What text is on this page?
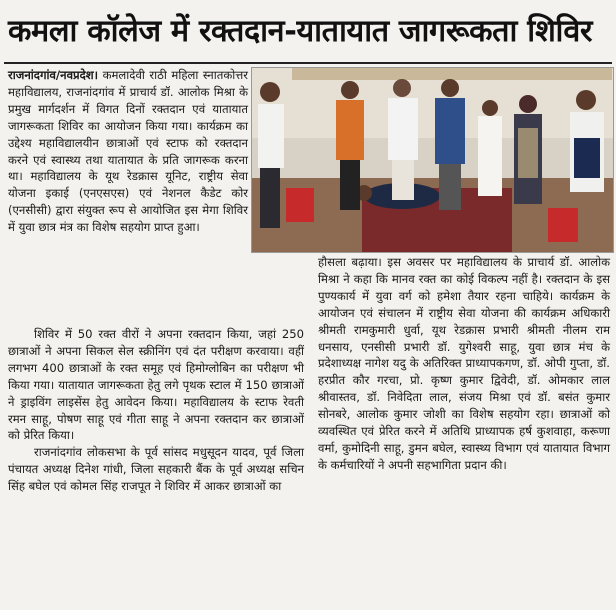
कमला कॉलेज में रक्तदान-यातायात जागरूकता शिविर

राजनांदगांव/नवप्रदेश। कमलादेवी राठी महिला स्नातकोत्तर महाविद्यालय, राजनांदगांव में प्राचार्य डॉ. आलोक मिश्रा के प्रमुख मार्गदर्शन में विगत दिनों रक्तदान एवं यातायात जागरूकता शिविर का आयोजन किया गया। कार्यक्रम का उद्देश्य महाविद्यालयीन छात्राओं एवं स्टाफ को रक्तदान करने एवं स्वास्थ्य तथा यातायात के प्रति जागरूक करना था। महाविद्यालय के यूथ रेडक्रास यूनिट, राष्ट्रीय सेवा योजना इकाई (एनएसएस) एवं नेशनल कैडेट कोर (एनसीसी) द्वारा संयुक्त रूप से आयोजित इस मेगा शिविर में युवा छात्र मंत्र का विशेष सहयोग प्राप्त हुआ।

शिविर में 50 रक्त वीरों ने अपना रक्तदान किया, जहां 250 छात्राओं ने अपना सिकल सेल स्क्रीनिंग एवं दंत परीक्षण करवाया। वहीं लगभग 400 छात्राओं के रक्त समूह एवं हिमोग्लोबिन का परीक्षण भी किया गया। यातायात जागरूकता हेतु लगे पृथक स्टाल में 150 छात्राओं ने ड्राइविंग लाइसेंस हेतु आवेदन किया। महाविद्यालय के स्टाफ रेवती रमन साहू, पोषण साहू एवं गीता साहू ने अपना रक्तदान कर छात्राओं को प्रेरित किया।

राजनांदगांव लोकसभा के पूर्व सांसद मधुसूदन यादव, पूर्व जिला पंचायत अध्यक्ष दिनेश गांधी, जिला सहकारी बैंक के पूर्व अध्यक्ष सचिन सिंह बघेल एवं कोमल सिंह राजपूत ने शिविर में आकर छात्राओं का

हौसला बढ़ाया। इस अवसर पर महाविद्यालय के प्राचार्य डॉ. आलोक मिश्रा ने कहा कि मानव रक्त का कोई विकल्प नहीं है। रक्तदान के इस पुण्यकार्य में युवा वर्ग को हमेशा तैयार रहना चाहिये। कार्यक्रम के आयोजन एवं संचालन में राष्ट्रीय सेवा योजना की कार्यक्रम अधिकारी श्रीमती रामकुमारी धुर्वा, यूथ रेडक्रास प्रभारी श्रीमती नीलम राम धनसाय, एनसीसी प्रभारी डॉ. युगेश्वरी साहू, युवा छात्र मंच के प्रदेशाध्यक्ष नागेश यदु के अतिरिक्त प्राध्यापकगण, डॉ. ओपी गुप्ता, डॉ. हरप्रीत कौर गरचा, प्रो. कृष्ण कुमार द्विवेदी, डॉ. ओमकार लाल श्रीवास्तव, डॉ. निवेदिता लाल, संजय मिश्रा एवं डॉ. बसंत कुमार सोनबरे, आलोक कुमार जोशी का विशेष सहयोग रहा। छात्राओं को व्यवस्थित एवं प्रेरित करने में अतिथि प्राध्यापक हर्ष कुशवाहा, करूणा वर्मा, कुमोदिनी साहू, डुमन बघेल, स्वास्थ्य विभाग एवं यातायात विभाग के कर्मचारियों ने अपनी सहभागिता प्रदान की।
